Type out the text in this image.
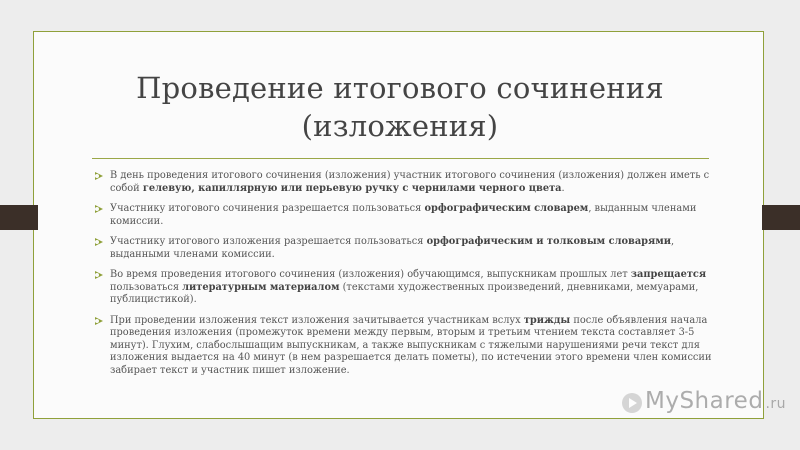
Проведение итогового сочинения
(изложения)
В день проведения итогового сочинения (изложения) участник итогового сочинения (изложения) должен иметь с собой гелевую, капиллярную или перьевую ручку с чернилами черного цвета.
Участнику итогового сочинения разрешается пользоваться орфографическим словарем, выданным членами комиссии.
Участнику итогового изложения разрешается пользоваться орфографическим и толковым словарями, выданными членами комиссии.
Во время проведения итогового сочинения (изложения) обучающимся, выпускникам прошлых лет запрещается пользоваться литературным материалом (текстами художественных произведений, дневниками, мемуарами, публицистикой).
При проведении изложения текст изложения зачитывается участникам вслух трижды после объявления начала проведения изложения (промежуток времени между первым, вторым и третьим чтением текста составляет 3-5 минут). Глухим, слабослышащим выпускникам, а также выпускникам с тяжелыми нарушениями речи текст для изложения выдается на 40 минут (в нем разрешается делать пометы), по истечении этого времени член комиссии забирает текст и участник пишет изложение.
MyShared .ru
